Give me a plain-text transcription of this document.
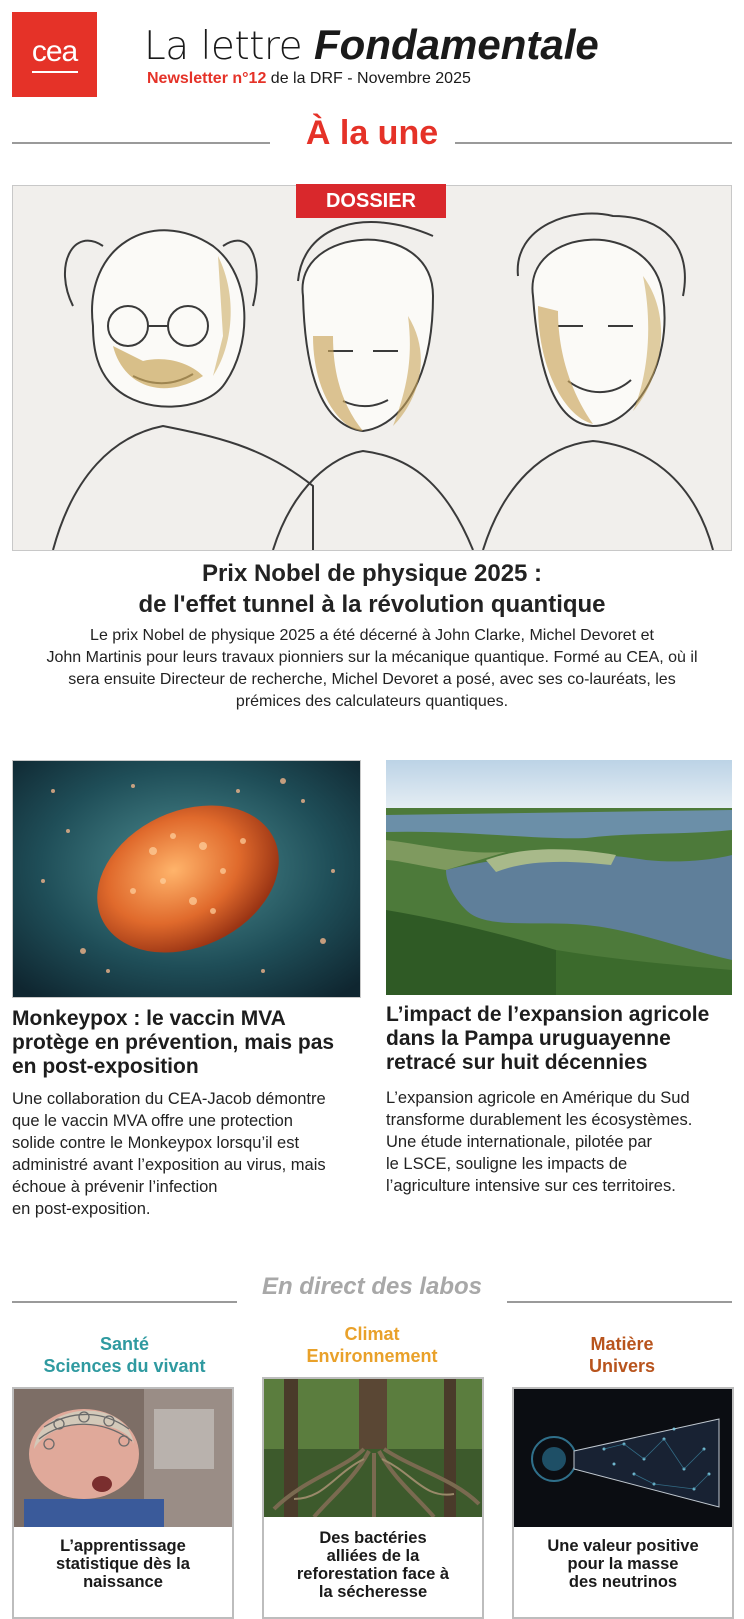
cea La lettre Fondamentale
Newsletter n°12 de la DRF - Novembre 2025
À la une
DOSSIER
Prix Nobel de physique 2025 :
de l'effet tunnel à la révolution quantique
Le prix Nobel de physique 2025 a été décerné à John Clarke, Michel Devoret et
John Martinis pour leurs travaux pionniers sur la mécanique quantique. Formé au CEA, où il
sera ensuite Directeur de recherche, Michel Devoret a posé, avec ses co-lauréats, les
prémices des calculateurs quantiques.
Monkeypox : le vaccin MVA
protège en prévention, mais pas
en post-exposition
Une collaboration du CEA-Jacob démontre
que le vaccin MVA offre une protection
solide contre le Monkeypox lorsqu’il est
administré avant l’exposition au virus, mais
échoue à prévenir l’infection
en post-exposition.
L’impact de l’expansion agricole
dans la Pampa uruguayenne
retracé sur huit décennies
L’expansion agricole en Amérique du Sud
transforme durablement les écosystèmes.
Une étude internationale, pilotée par
le LSCE, souligne les impacts de
l’agriculture intensive sur ces territoires.
En direct des labos
Santé
Sciences du vivant
L’apprentissage
statistique dès la
naissance
Climat
Environnement
Des bactéries
alliées de la
reforestation face à
la sécheresse
Matière
Univers
Une valeur positive
pour la masse
des neutrinos
